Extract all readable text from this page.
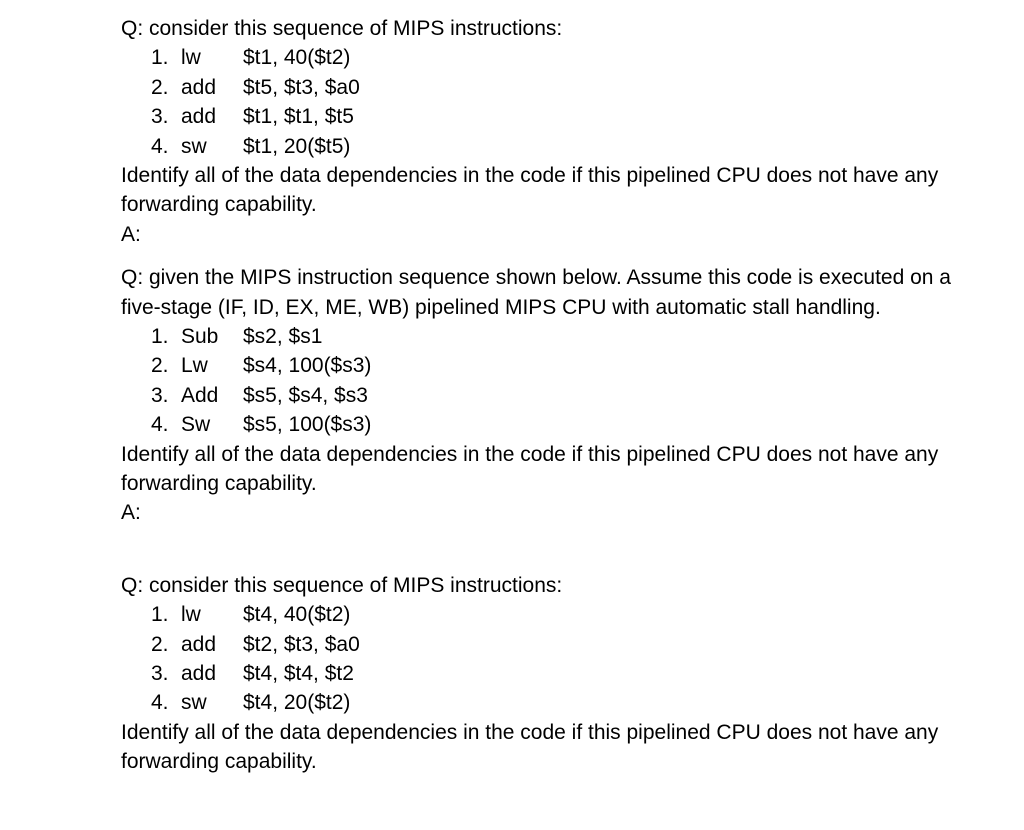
Q: consider this sequence of MIPS instructions:

1. lw	$t1, 40($t2)
2. add	$t5, $t3, $a0
3. add	$t1, $t1, $t5
4. sw	$t1, 20($t5)

Identify all of the data dependencies in the code if this pipelined CPU does not have any forwarding capability.

A:

Q: given the MIPS instruction sequence shown below. Assume this code is executed on a five-stage (IF, ID, EX, ME, WB) pipelined MIPS CPU with automatic stall handling.

1. Sub	$s2, $s1
2. Lw	$s4, 100($s3)
3. Add	$s5, $s4, $s3
4. Sw	$s5, 100($s3)

Identify all of the data dependencies in the code if this pipelined CPU does not have any forwarding capability.

A:

Q: consider this sequence of MIPS instructions:

1. lw	$t4, 40($t2)
2. add	$t2, $t3, $a0
3. add	$t4, $t4, $t2
4. sw	$t4, 20($t2)

Identify all of the data dependencies in the code if this pipelined CPU does not have any forwarding capability.
